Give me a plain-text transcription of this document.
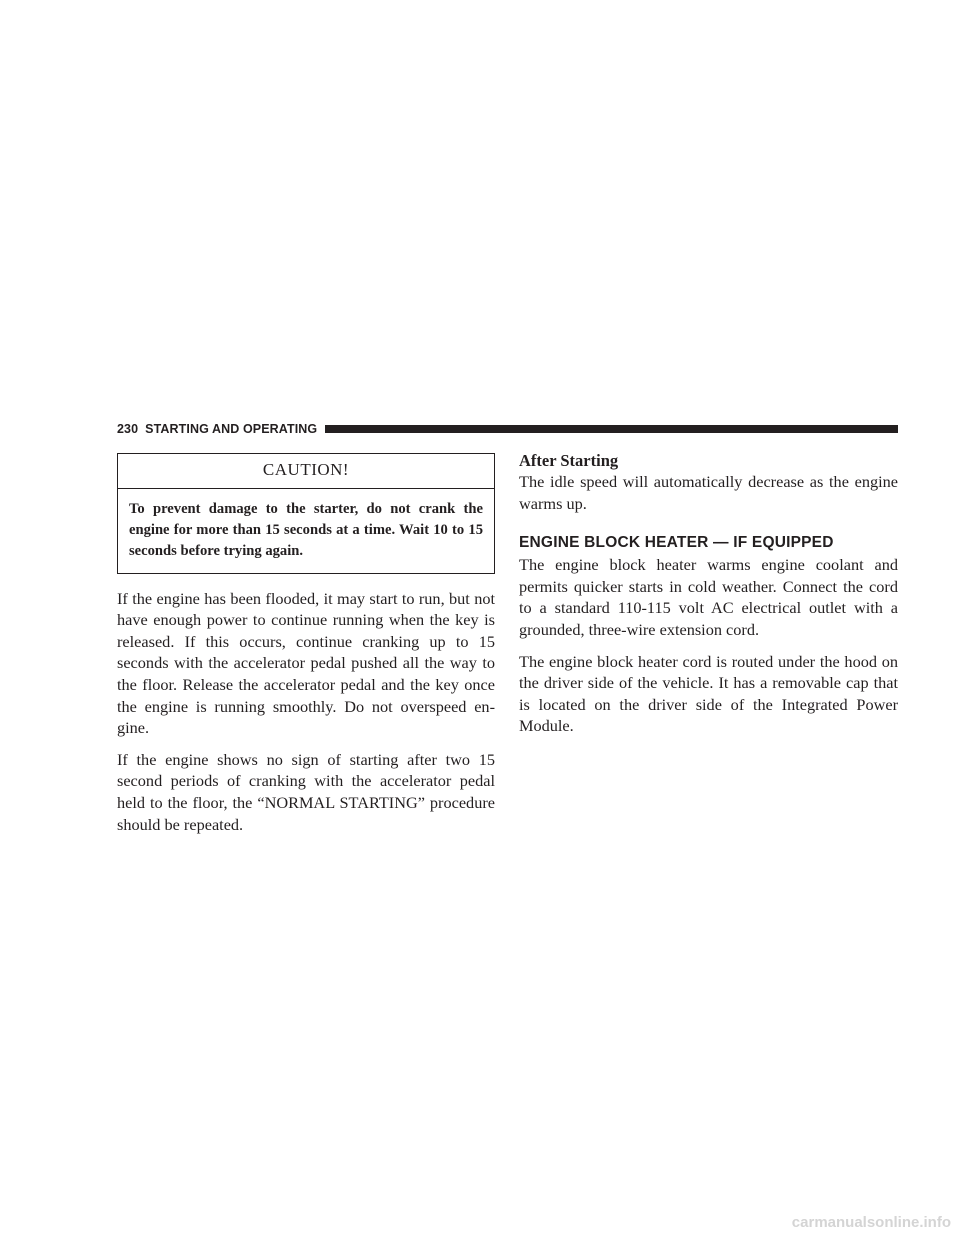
230 STARTING AND OPERATING
CAUTION!
To prevent damage to the starter, do not crank the engine for more than 15 seconds at a time. Wait 10 to 15 seconds before trying again.

If the engine has been flooded, it may start to run, but not have enough power to continue running when the key is released. If this occurs, continue cranking up to 15 seconds with the accelerator pedal pushed all the way to the floor. Release the accelerator pedal and the key once the engine is running smoothly. Do not overspeed en-gine.

If the engine shows no sign of starting after two 15 second periods of cranking with the accelerator pedal held to the floor, the “NORMAL STARTING” procedure should be repeated.

After Starting

The idle speed will automatically decrease as the engine warms up.

ENGINE BLOCK HEATER — IF EQUIPPED

The engine block heater warms engine coolant and permits quicker starts in cold weather. Connect the cord to a standard 110-115 volt AC electrical outlet with a grounded, three-wire extension cord.

The engine block heater cord is routed under the hood on the driver side of the vehicle. It has a removable cap that is located on the driver side of the Integrated Power Module.

carmanualsonline.info
